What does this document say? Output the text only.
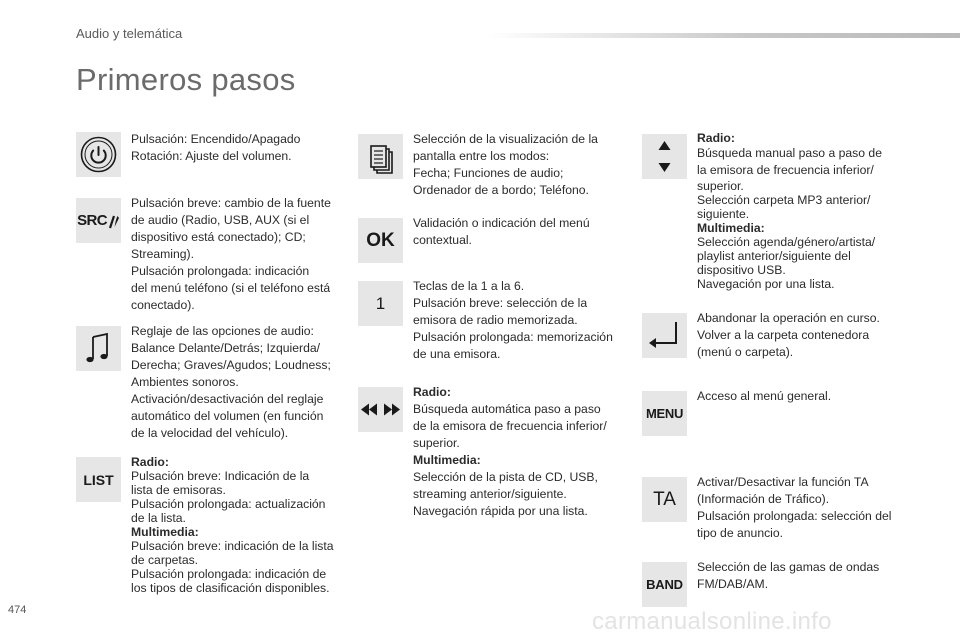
Audio y telemática
Primeros pasos
Pulsación: Encendido/Apagado
Rotación: Ajuste del volumen.
SRC
Pulsación breve: cambio de la fuente
de audio (Radio, USB, AUX (si el
dispositivo está conectado); CD;
Streaming).
Pulsación prolongada: indicación
del menú teléfono (si el teléfono está
conectado).
Reglaje de las opciones de audio:
Balance Delante/Detrás; Izquierda/
Derecha; Graves/Agudos; Loudness;
Ambientes sonoros.
Activación/desactivación del reglaje
automático del volumen (en función
de la velocidad del vehículo).
LIST
Radio:
Pulsación breve: Indicación de la
lista de emisoras.
Pulsación prolongada: actualización
de la lista.
Multimedia:
Pulsación breve: indicación de la lista
de carpetas.
Pulsación prolongada: indicación de
los tipos de clasificación disponibles.
Selección de la visualización de la
pantalla entre los modos:
Fecha; Funciones de audio;
Ordenador de a bordo; Teléfono.
OK
Validación o indicación del menú
contextual.
1
Teclas de la 1 a la 6.
Pulsación breve: selección de la
emisora de radio memorizada.
Pulsación prolongada: memorización
de una emisora.
Radio:
Búsqueda automática paso a paso
de la emisora de frecuencia inferior/
superior.
Multimedia:
Selección de la pista de CD, USB,
streaming anterior/siguiente.
Navegación rápida por una lista.
Radio:
Búsqueda manual paso a paso de
la emisora de frecuencia inferior/
superior.
Selección carpeta MP3 anterior/
siguiente.
Multimedia:
Selección agenda/género/artista/
playlist anterior/siguiente del
dispositivo USB.
Navegación por una lista.
Abandonar la operación en curso.
Volver a la carpeta contenedora
(menú o carpeta).
MENU
Acceso al menú general.
TA
Activar/Desactivar la función TA
(Información de Tráfico).
Pulsación prolongada: selección del
tipo de anuncio.
BAND
Selección de las gamas de ondas
FM/DAB/AM.
474	carmanualsonline.info
